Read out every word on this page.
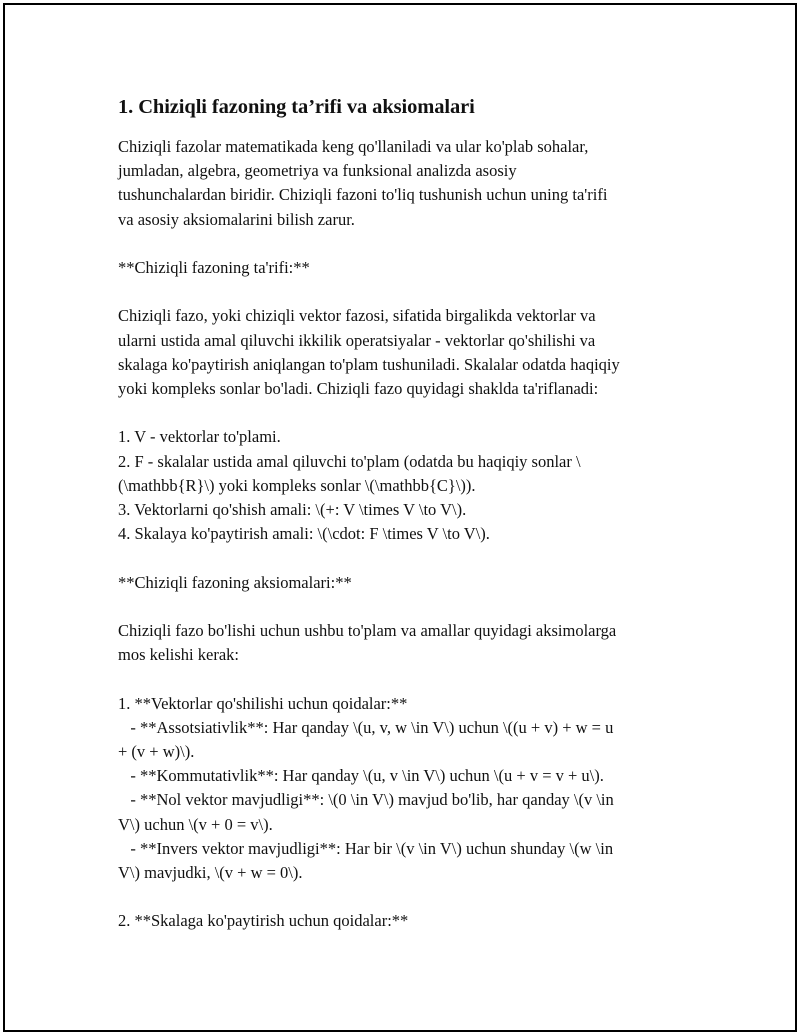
1. Chiziqli fazoning ta’rifi va aksiomalari

Chiziqli fazolar matematikada keng qo'llaniladi va ular ko'plab sohalar,
jumladan, algebra, geometriya va funksional analizda asosiy
tushunchalardan biridir. Chiziqli fazoni to'liq tushunish uchun uning ta'rifi
va asosiy aksiomalarini bilish zarur.

**Chiziqli fazoning ta'rifi:**

Chiziqli fazo, yoki chiziqli vektor fazosi, sifatida birgalikda vektorlar va
ularni ustida amal qiluvchi ikkilik operatsiyalar - vektorlar qo'shilishi va
skalaga ko'paytirish aniqlangan to'plam tushuniladi. Skalalar odatda haqiqiy
yoki kompleks sonlar bo'ladi. Chiziqli fazo quyidagi shaklda ta'riflanadi:

1. V - vektorlar to'plami.
2. F - skalalar ustida amal qiluvchi to'plam (odatda bu haqiqiy sonlar \
(\mathbb{R}\) yoki kompleks sonlar \(\mathbb{C}\)).
3. Vektorlarni qo'shish amali: \(+: V \times V \to V\).
4. Skalaya ko'paytirish amali: \(\cdot: F \times V \to V\).

**Chiziqli fazoning aksiomalari:**

Chiziqli fazo bo'lishi uchun ushbu to'plam va amallar quyidagi aksimolarga
mos kelishi kerak:

1. **Vektorlar qo'shilishi uchun qoidalar:**
- **Assotsiativlik**: Har qanday \(u, v, w \in V\) uchun \((u + v) + w = u
+ (v + w)\).
- **Kommutativlik**: Har qanday \(u, v \in V\) uchun \(u + v = v + u\).
- **Nol vektor mavjudligi**: \(0 \in V\) mavjud bo'lib, har qanday \(v \in
V\) uchun \(v + 0 = v\).
- **Invers vektor mavjudligi**: Har bir \(v \in V\) uchun shunday \(w \in
V\) mavjudki, \(v + w = 0\).

2. **Skalaga ko'paytirish uchun qoidalar:**
